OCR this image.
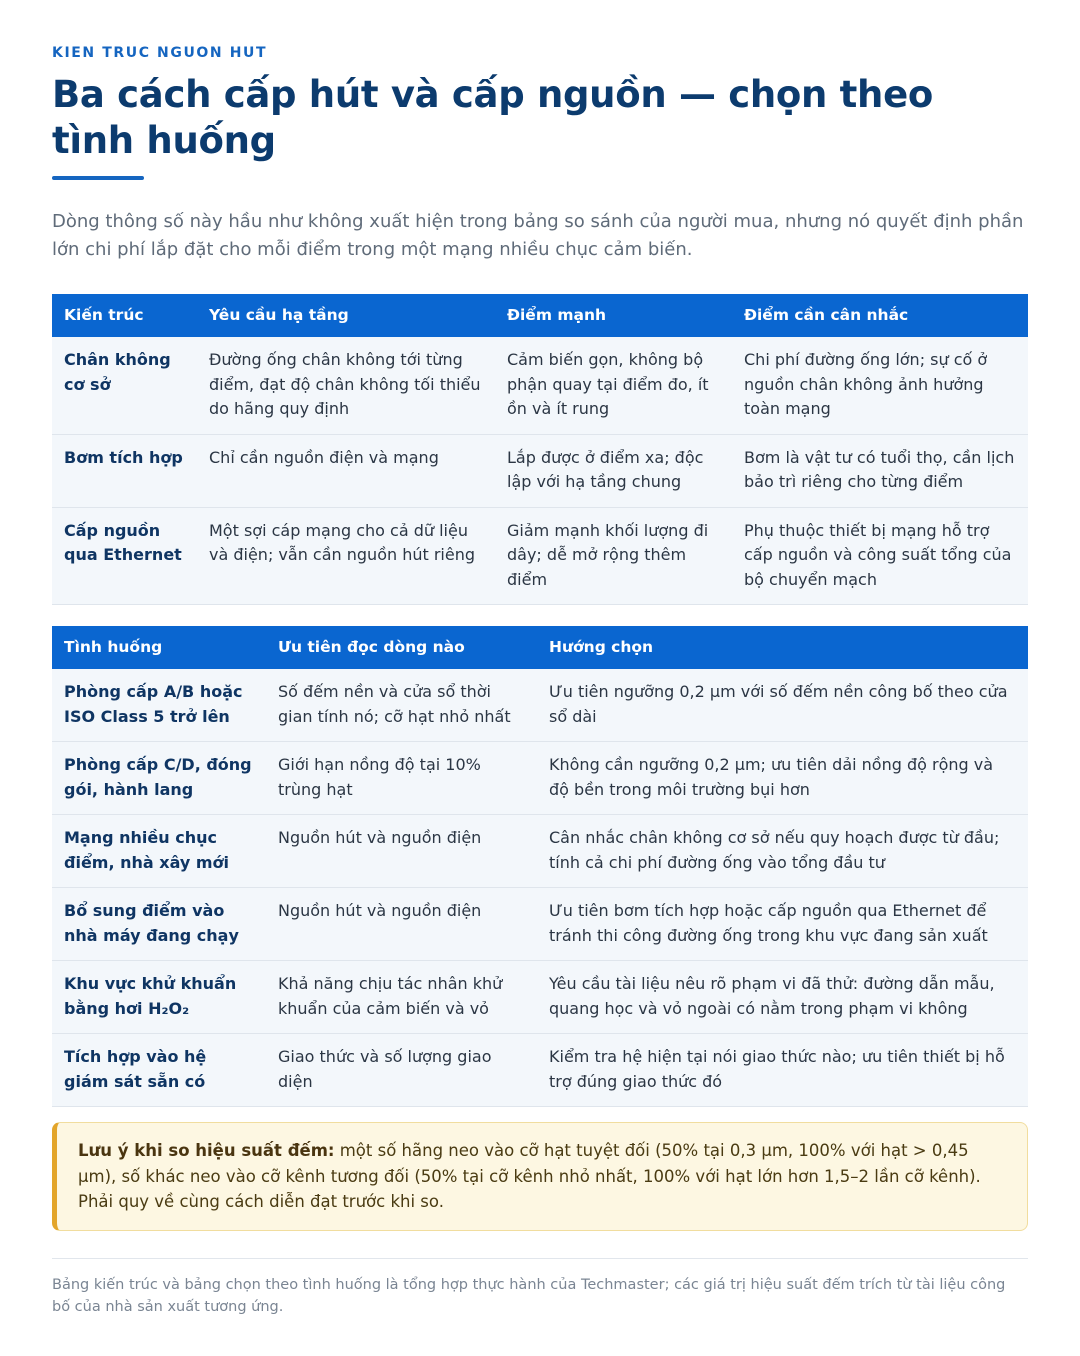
KIEN TRUC NGUON HUT
Ba cách cấp hút và cấp nguồn — chọn theo tình huống

Dòng thông số này hầu như không xuất hiện trong bảng so sánh của người mua, nhưng nó quyết định phần lớn chi phí lắp đặt cho mỗi điểm trong một mạng nhiều chục cảm biến.

Kiến trúc	Yêu cầu hạ tầng	Điểm mạnh	Điểm cần cân nhắc
Chân không cơ sở	Đường ống chân không tới từng điểm, đạt độ chân không tối thiểu do hãng quy định	Cảm biến gọn, không bộ phận quay tại điểm đo, ít ồn và ít rung	Chi phí đường ống lớn; sự cố ở nguồn chân không ảnh hưởng toàn mạng
Bơm tích hợp	Chỉ cần nguồn điện và mạng	Lắp được ở điểm xa; độc lập với hạ tầng chung	Bơm là vật tư có tuổi thọ, cần lịch bảo trì riêng cho từng điểm
Cấp nguồn qua Ethernet	Một sợi cáp mạng cho cả dữ liệu và điện; vẫn cần nguồn hút riêng	Giảm mạnh khối lượng đi dây; dễ mở rộng thêm điểm	Phụ thuộc thiết bị mạng hỗ trợ cấp nguồn và công suất tổng của bộ chuyển mạch
Tình huống	Ưu tiên đọc dòng nào	Hướng chọn
Phòng cấp A/B hoặc ISO Class 5 trở lên	Số đếm nền và cửa sổ thời gian tính nó; cỡ hạt nhỏ nhất	Ưu tiên ngưỡng 0,2 µm với số đếm nền công bố theo cửa sổ dài
Phòng cấp C/D, đóng gói, hành lang	Giới hạn nồng độ tại 10% trùng hạt	Không cần ngưỡng 0,2 µm; ưu tiên dải nồng độ rộng và độ bền trong môi trường bụi hơn
Mạng nhiều chục điểm, nhà xây mới	Nguồn hút và nguồn điện	Cân nhắc chân không cơ sở nếu quy hoạch được từ đầu; tính cả chi phí đường ống vào tổng đầu tư
Bổ sung điểm vào nhà máy đang chạy	Nguồn hút và nguồn điện	Ưu tiên bơm tích hợp hoặc cấp nguồn qua Ethernet để tránh thi công đường ống trong khu vực đang sản xuất
Khu vực khử khuẩn bằng hơi H₂O₂	Khả năng chịu tác nhân khử khuẩn của cảm biến và vỏ	Yêu cầu tài liệu nêu rõ phạm vi đã thử: đường dẫn mẫu, quang học và vỏ ngoài có nằm trong phạm vi không
Tích hợp vào hệ giám sát sẵn có	Giao thức và số lượng giao diện	Kiểm tra hệ hiện tại nói giao thức nào; ưu tiên thiết bị hỗ trợ đúng giao thức đó
Lưu ý khi so hiệu suất đếm: một số hãng neo vào cỡ hạt tuyệt đối (50% tại 0,3 µm, 100% với hạt > 0,45 µm), số khác neo vào cỡ kênh tương đối (50% tại cỡ kênh nhỏ nhất, 100% với hạt lớn hơn 1,5–2 lần cỡ kênh). Phải quy về cùng cách diễn đạt trước khi so.

Bảng kiến trúc và bảng chọn theo tình huống là tổng hợp thực hành của Techmaster; các giá trị hiệu suất đếm trích từ tài liệu công bố của nhà sản xuất tương ứng.
